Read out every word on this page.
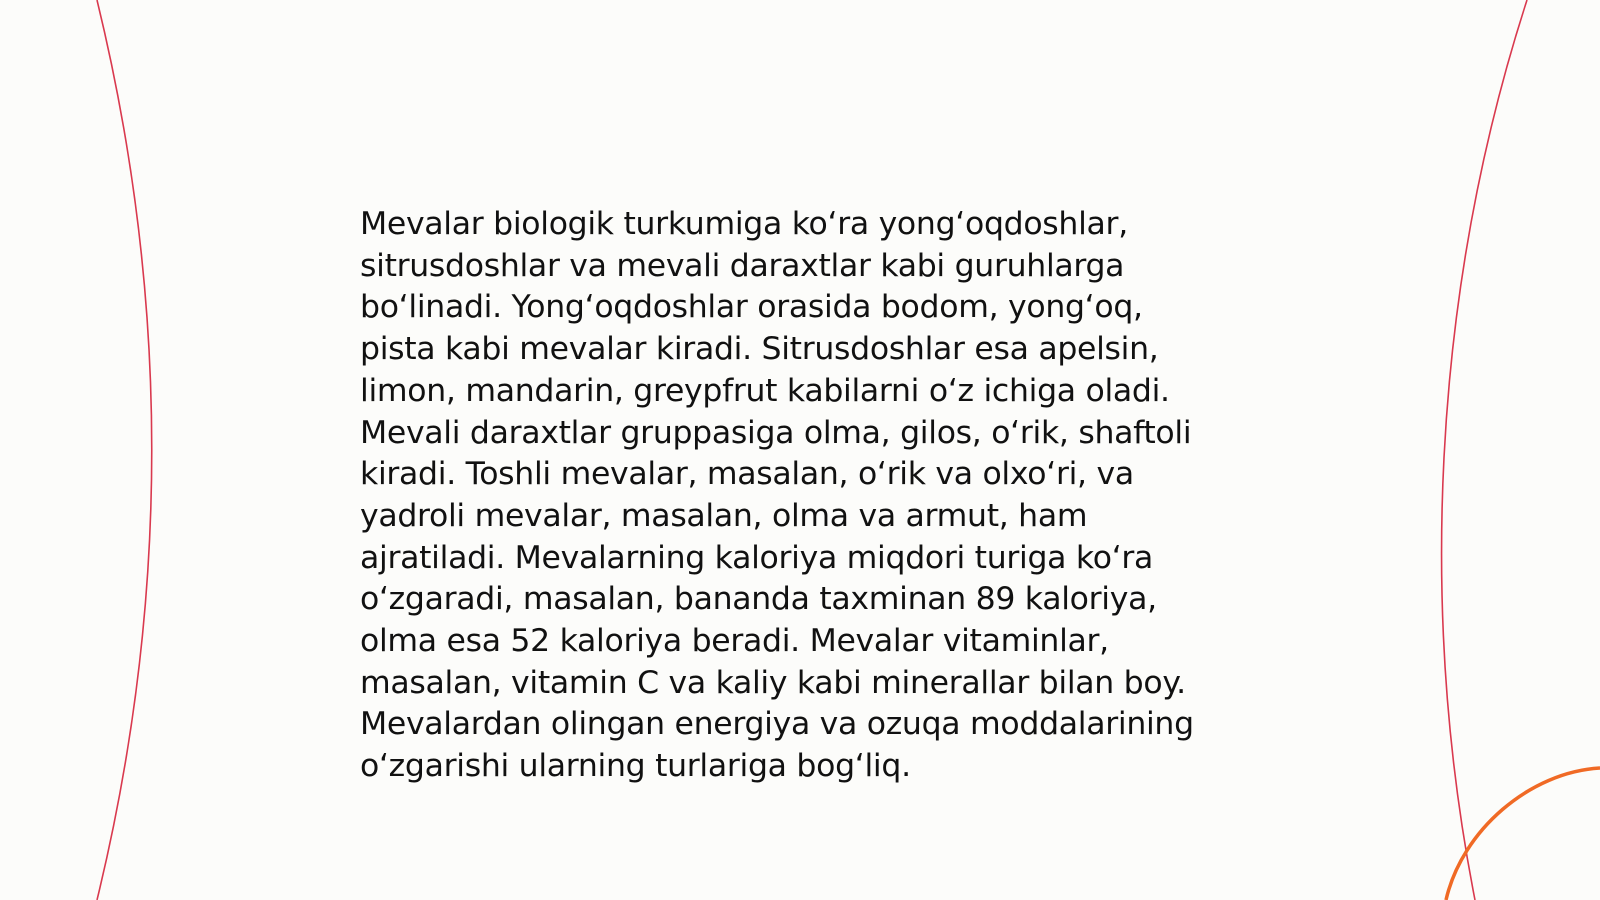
Mevalar biologik turkumiga koʻra yongʻoqdoshlar,
sitrusdoshlar va mevali daraxtlar kabi guruhlarga
boʻlinadi. Yongʻoqdoshlar orasida bodom, yongʻoq,
pista kabi mevalar kiradi. Sitrusdoshlar esa apelsin,
limon, mandarin, greypfrut kabilarni oʻz ichiga oladi.
Mevali daraxtlar gruppasiga olma, gilos, oʻrik, shaftoli
kiradi. Toshli mevalar, masalan, oʻrik va olxoʻri, va
yadroli mevalar, masalan, olma va armut, ham
ajratiladi. Mevalarning kaloriya miqdori turiga koʻra
oʻzgaradi, masalan, bananda taxminan 89 kaloriya,
olma esa 52 kaloriya beradi. Mevalar vitaminlar,
masalan, vitamin C va kaliy kabi minerallar bilan boy.
Mevalardan olingan energiya va ozuqa moddalarining
oʻzgarishi ularning turlariga bogʻliq.
